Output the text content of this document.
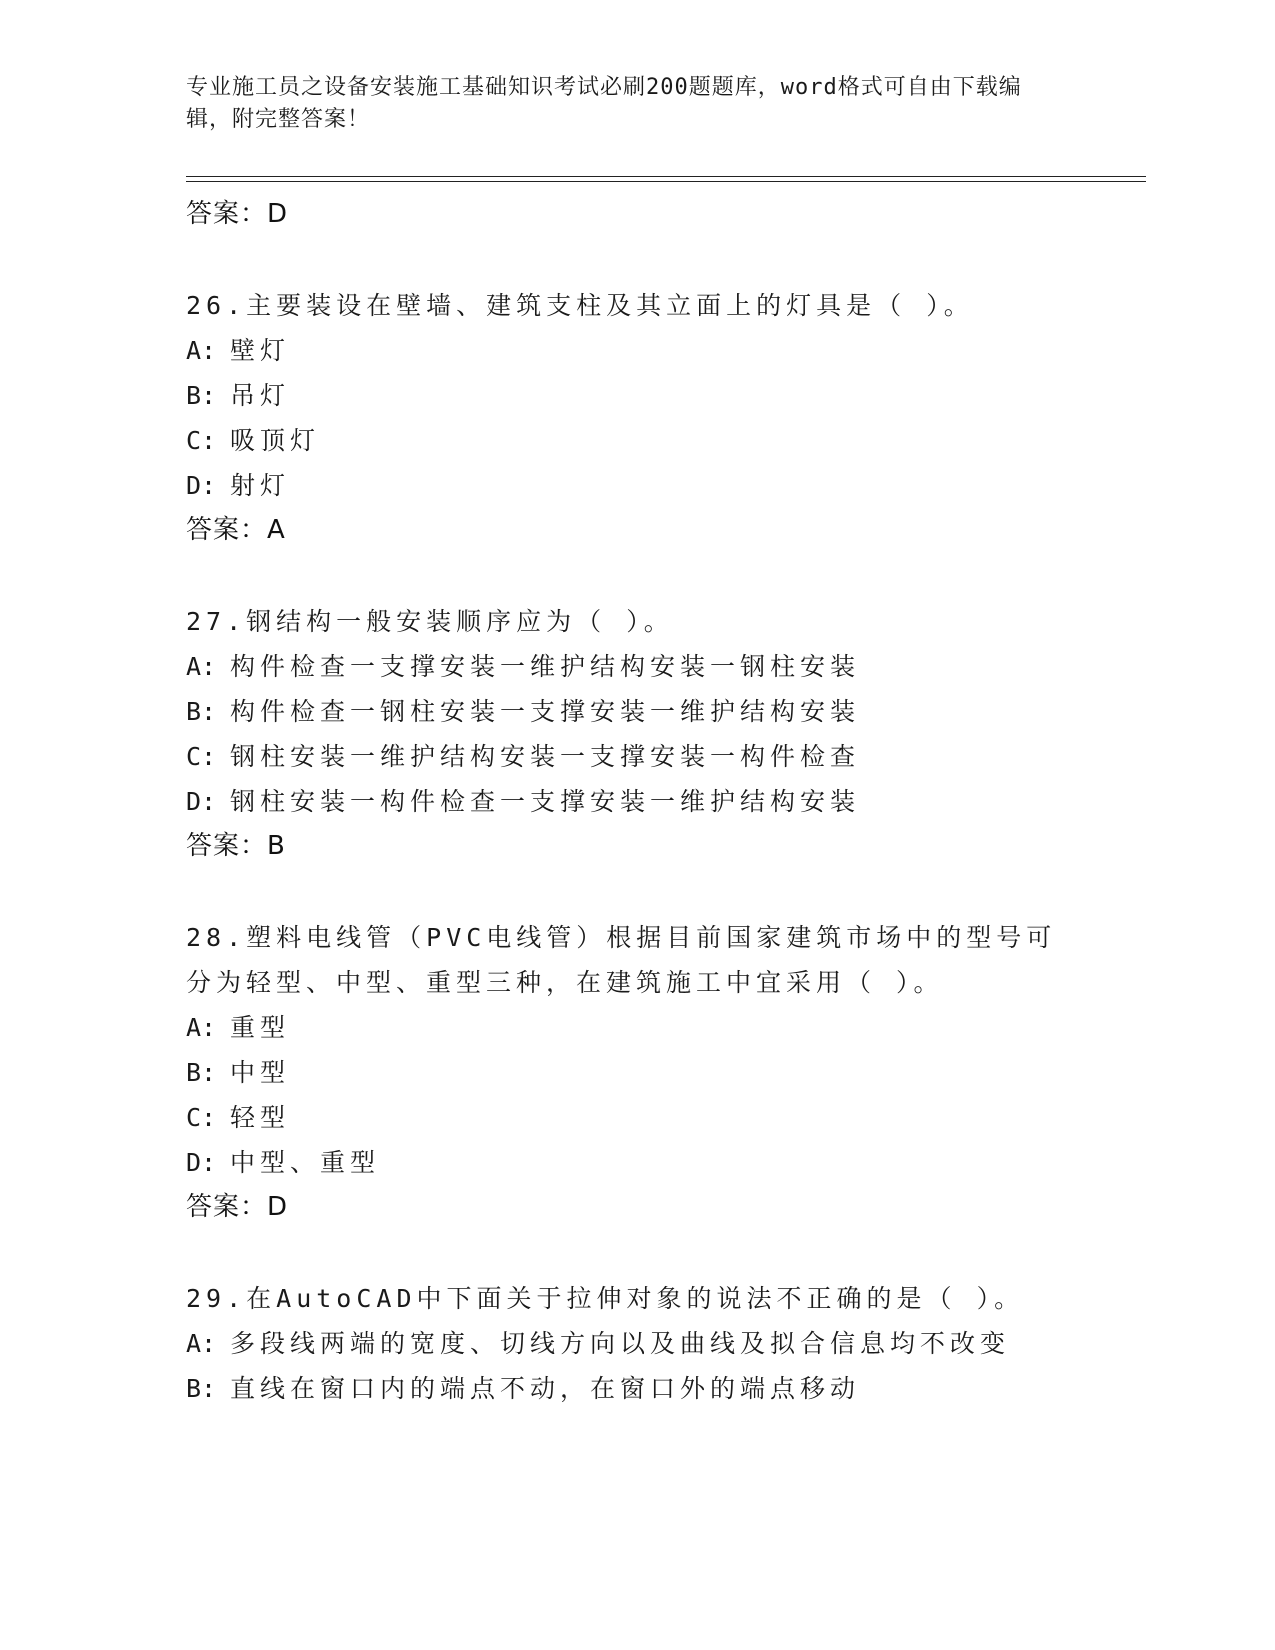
专业施工员之设备安装施工基础知识考试必刷200题题库，word格式可自由下载编辑，附完整答案！
答案：D
26.主要装设在壁墙、建筑支柱及其立面上的灯具是（ ）。
A: 壁灯
B: 吊灯
C: 吸顶灯
D: 射灯
答案：A
27.钢结构一般安装顺序应为（ ）。
A: 构件检查一支撑安装一维护结构安装一钢柱安装
B: 构件检查一钢柱安装一支撑安装一维护结构安装
C: 钢柱安装一维护结构安装一支撑安装一构件检查
D: 钢柱安装一构件检查一支撑安装一维护结构安装
答案：B
28.塑料电线管（PVC电线管）根据目前国家建筑市场中的型号可分为轻型、中型、重型三种，在建筑施工中宜采用（ ）。
A: 重型
B: 中型
C: 轻型
D: 中型、重型
答案：D
29.在AutoCAD中下面关于拉伸对象的说法不正确的是（ ）。
A: 多段线两端的宽度、切线方向以及曲线及拟合信息均不改变
B: 直线在窗口内的端点不动，在窗口外的端点移动
